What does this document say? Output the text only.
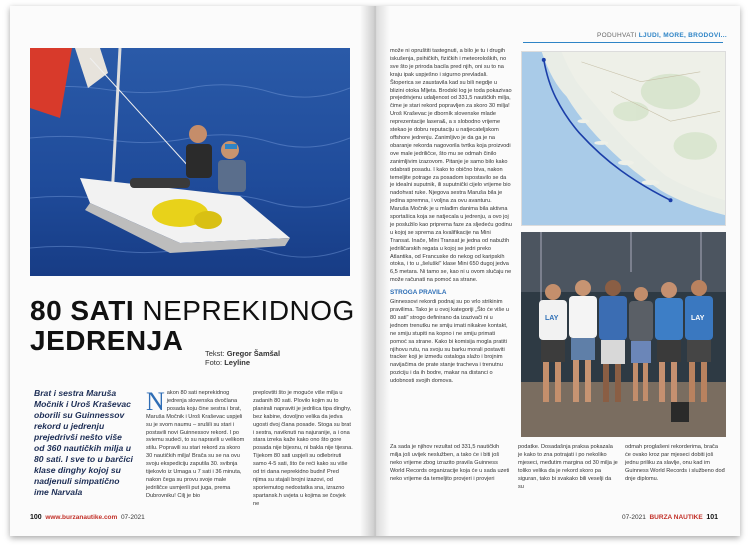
80 SATI NEPREKIDNOG
JEDRENJA	Tekst: Gregor Šamšal
Foto: Leyline
Brat i sestra Maruša Močnik i Uroš Kraševac oborili su Guinnessov rekord u jedrenju prejedrivši nešto više od 360 nautičkih milja u 80 sati. I sve to u barčici klase dinghy kojoj su nadjenuli simpatično ime Narvala
Nakon 80 sati neprekidnog jedrenja slovenska dvočlana posada koju čine sestra i brat, Maruša Močnik i Uroš Kraševac uspjeli su je svom naumu – srušili su stari i postavili novi Guinnessov rekord. I po sviemu sudeći, to su napravili u velikom stilu. Popravili su stari rekord za skoro 30 nautičkih milja! Brača su se na ovu svoju ekspediciju zaputila 30. svibnja tijekovlo iz Umaga u 7 sati i 36 minuta, nakon čega su provu svoje male jedriličce usmjerili put juga, prema Dubrovniku! Cilj je bio
preplovtiti što je moguće više milja u zadanih 80 sati. Plovilo kojim su to planirali napraviti je jedrilica tipa dinghy, bez kabine, dovoljno velika da jedva ugosti dvoj člana posade. Stoga su brat i sestra, naviknuti na najuranije, a i ona stara izreka kaže kako ono što gore posada nije bijesnu, ni bakla nije tijesna. Tijekom 80 sati uspjeli su odlebriruti samo 4-5 sati, što če reći kako su više od tri dana neprekidno budni! Pred njima su stajali brojni izazovi, od sporiemutog nedostatka sna, izrazno spartansk.h uvjeta u kojima se čovjek ne
100 www.burzanautike.com 07-2021
PODUHVATI LJUDI, MORE, BRODOVI...

može ni opruštiti tastegnuti, a bilo je tu i drugih iskušenja, psihičkih, fizičkih i meteoroloških, no sve što je priroda bacila pred njih, oni su to na kraju ipak uspješno i sigurno prevladali.

Štoperica se zaustavila kad su bili negdje u blizini otoka Mljeta. Brodski log je toda pokazivao prejedrivjenu udaljenost od 331,5 nautičkih milja, čime je stari rekord popravljen za skoro 30 milja!

Uroš Kraševac je dborník slovenske mlade reprezentacije lasera&, a s slobodno vrijeme stekao je dobru reputaciju u natjecateljskom offshore jedrenju. Zanimljivo je da ga je na obaranje rekorda nagovorila tvrtka koja proizvodi ove male jedriličce, što mu se odmah činilo zanimljivim izazovom. Pitanje je samo bilo kako odabrati posadu. I kako to obično biva, nakon temeljite potrage za posadom ispostavilo se da je idealni suputnik, ili suputnički cijelo vrijeme bio nadohvat ruke. Njegova sestra Maruša bila je jedina spremna, i voljna za ovu avanturu.

Maruša Močnik je u mlađim danima bila aktivna sportašica koja se natjecala u jedrenju, a ovo joj je poslužilo kao priprema faze za sljedeću godinu u kojoj se sprema za kvalifikacije na Mini Transat. Inače, Mini Transat je jedna od nabužih jedriličarskih regata u kojoj se jedri preko Atlantika, od Francuske do nekog od karipskih otoka, i to u „šeluški" klase Mini 650 dugoj jedva 6,5 metara. Ni tamo se, kao ni u ovom slučaju ne može računati na pomoć sa strane.

STROGA PRAVILA

Ginnessovi rekordi podnaj su po vrlo strikinim pravilima. Tako je u ovoj kategoriji „Što će više u 80 sati" strogo definirano da izazivači ni u jednom trenutku ne smiju imati nikakve kontakt, ne smiju stupiti na kopno i ne smiju primati pomoć sa strane. Kako bi komisija mogla pratiti njihovu rutu, na svoju su barku morali postaviti tracker koji je između ostaloga slažo i brojnim navijačima de prate stanje tracheva i trenutnu poziciju i da ih bodre, makar na distanci o udobnosti svojih domova.

LAY	LAY
Za sada je njihov rezultat od 331,5 nautičkih milja još uvijek neslužben, a tako će i biti još neko vrijeme zbog izrazito pravila Guinness World Records organizacije koja će u sada uzeti neko vrijeme da temeljito provjeri i provjeri
podatke. Dosadašnja praksa pokazala je kako to zna potrajati i po nekoliko mjeseci, međutim margina od 30 milja je toliko velika da je rekord skoro pa siguran, tako bi svakako bili veselji da su
odmah proglašeni rekorderima, brača će ovako kroz par mjeseci dobiti još jednu priliku za slavlje, onu kad im Guinness World Records i službeno dođ dnje diplomu.
07-2021 BURZA NAUTIKE 101
